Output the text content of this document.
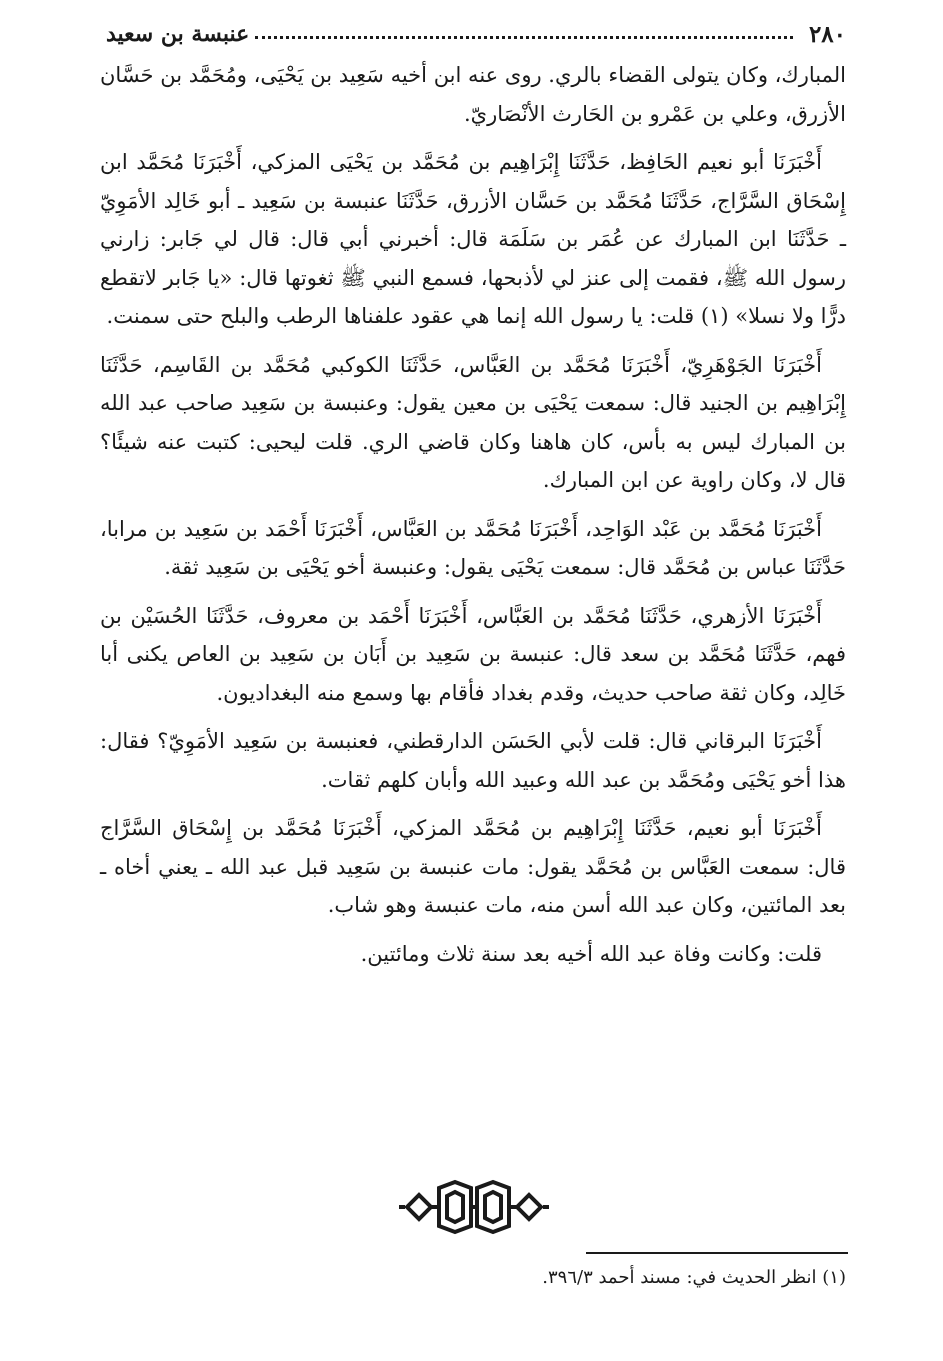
٢٨٠
عنبسة بن سعيد

المبارك، وكان يتولى القضاء بالري. روى عنه ابن أخيه سَعِيد بن يَحْيَى، ومُحَمَّد بن حَسَّان الأزرق، وعلي بن عَمْرو بن الحَارث الأنْصَاريّ.

أَخْبَرَنَا أبو نعيم الحَافِظ، حَدَّثَنَا إِبْرَاهِيم بن مُحَمَّد بن يَحْيَى المزكي، أَخْبَرَنَا مُحَمَّد ابن إِسْحَاق السَّرَّاج، حَدَّثَنَا مُحَمَّد بن حَسَّان الأزرق، حَدَّثَنَا عنبسة بن سَعِيد ـ أبو خَالِد الأمَوِيّ ـ حَدَّثَنَا ابن المبارك عن عُمَر بن سَلَمَة قال: أخبرني أبي قال: قال لي جَابر: زارني رسول الله ﷺ، فقمت إلى عنز لي لأذبحها، فسمع النبي ﷺ ثغوتها قال: «يا جَابر لاتقطع درًّا ولا نسلا» (١) قلت: يا رسول الله إنما هي عقود علفناها الرطب والبلح حتى سمنت.

أَخْبَرَنَا الجَوْهَرِيّ، أَخْبَرَنَا مُحَمَّد بن العَبَّاس، حَدَّثَنَا الكوكبي مُحَمَّد بن القَاسِم، حَدَّثَنَا إِبْرَاهِيم بن الجنيد قال: سمعت يَحْيَى بن معين يقول: وعنبسة بن سَعِيد صاحب عبد الله بن المبارك ليس به بأس، كان هاهنا وكان قاضي الري. قلت ليحيى: كتبت عنه شيئًا؟ قال لا، وكان راوية عن ابن المبارك.

أَخْبَرَنَا مُحَمَّد بن عَبْد الوَاحِد، أَخْبَرَنَا مُحَمَّد بن العَبَّاس، أَخْبَرَنَا أَحْمَد بن سَعِيد بن مرابا، حَدَّثَنَا عباس بن مُحَمَّد قال: سمعت يَحْيَى يقول: وعنبسة أخو يَحْيَى بن سَعِيد ثقة.

أَخْبَرَنَا الأزهري، حَدَّثَنَا مُحَمَّد بن العَبَّاس، أَخْبَرَنَا أَحْمَد بن معروف، حَدَّثَنَا الحُسَيْن بن فهم، حَدَّثَنَا مُحَمَّد بن سعد قال: عنبسة بن سَعِيد بن أَبَان بن سَعِيد بن العاص يكنى أبا خَالِد، وكان ثقة صاحب حديث، وقدم بغداد فأقام بها وسمع منه البغداديون.

أَخْبَرَنَا البرقاني قال: قلت لأبي الحَسَن الدارقطني، فعنبسة بن سَعِيد الأمَوِيّ؟ فقال: هذا أخو يَحْيَى ومُحَمَّد بن عبد الله وعبيد الله وأبان كلهم ثقات.

أَخْبَرَنَا أبو نعيم، حَدَّثَنَا إِبْرَاهِيم بن مُحَمَّد المزكي، أَخْبَرَنَا مُحَمَّد بن إِسْحَاق السَّرَّاج قال: سمعت العَبَّاس بن مُحَمَّد يقول: مات عنبسة بن سَعِيد قبل عبد الله ـ يعني أخاه ـ بعد المائتين، وكان عبد الله أسن منه، مات عنبسة وهو شاب.

قلت: وكانت وفاة عبد الله أخيه بعد سنة ثلاث ومائتين.

(١) انظر الحديث في: مسند أحمد ٣٩٦/٣.
